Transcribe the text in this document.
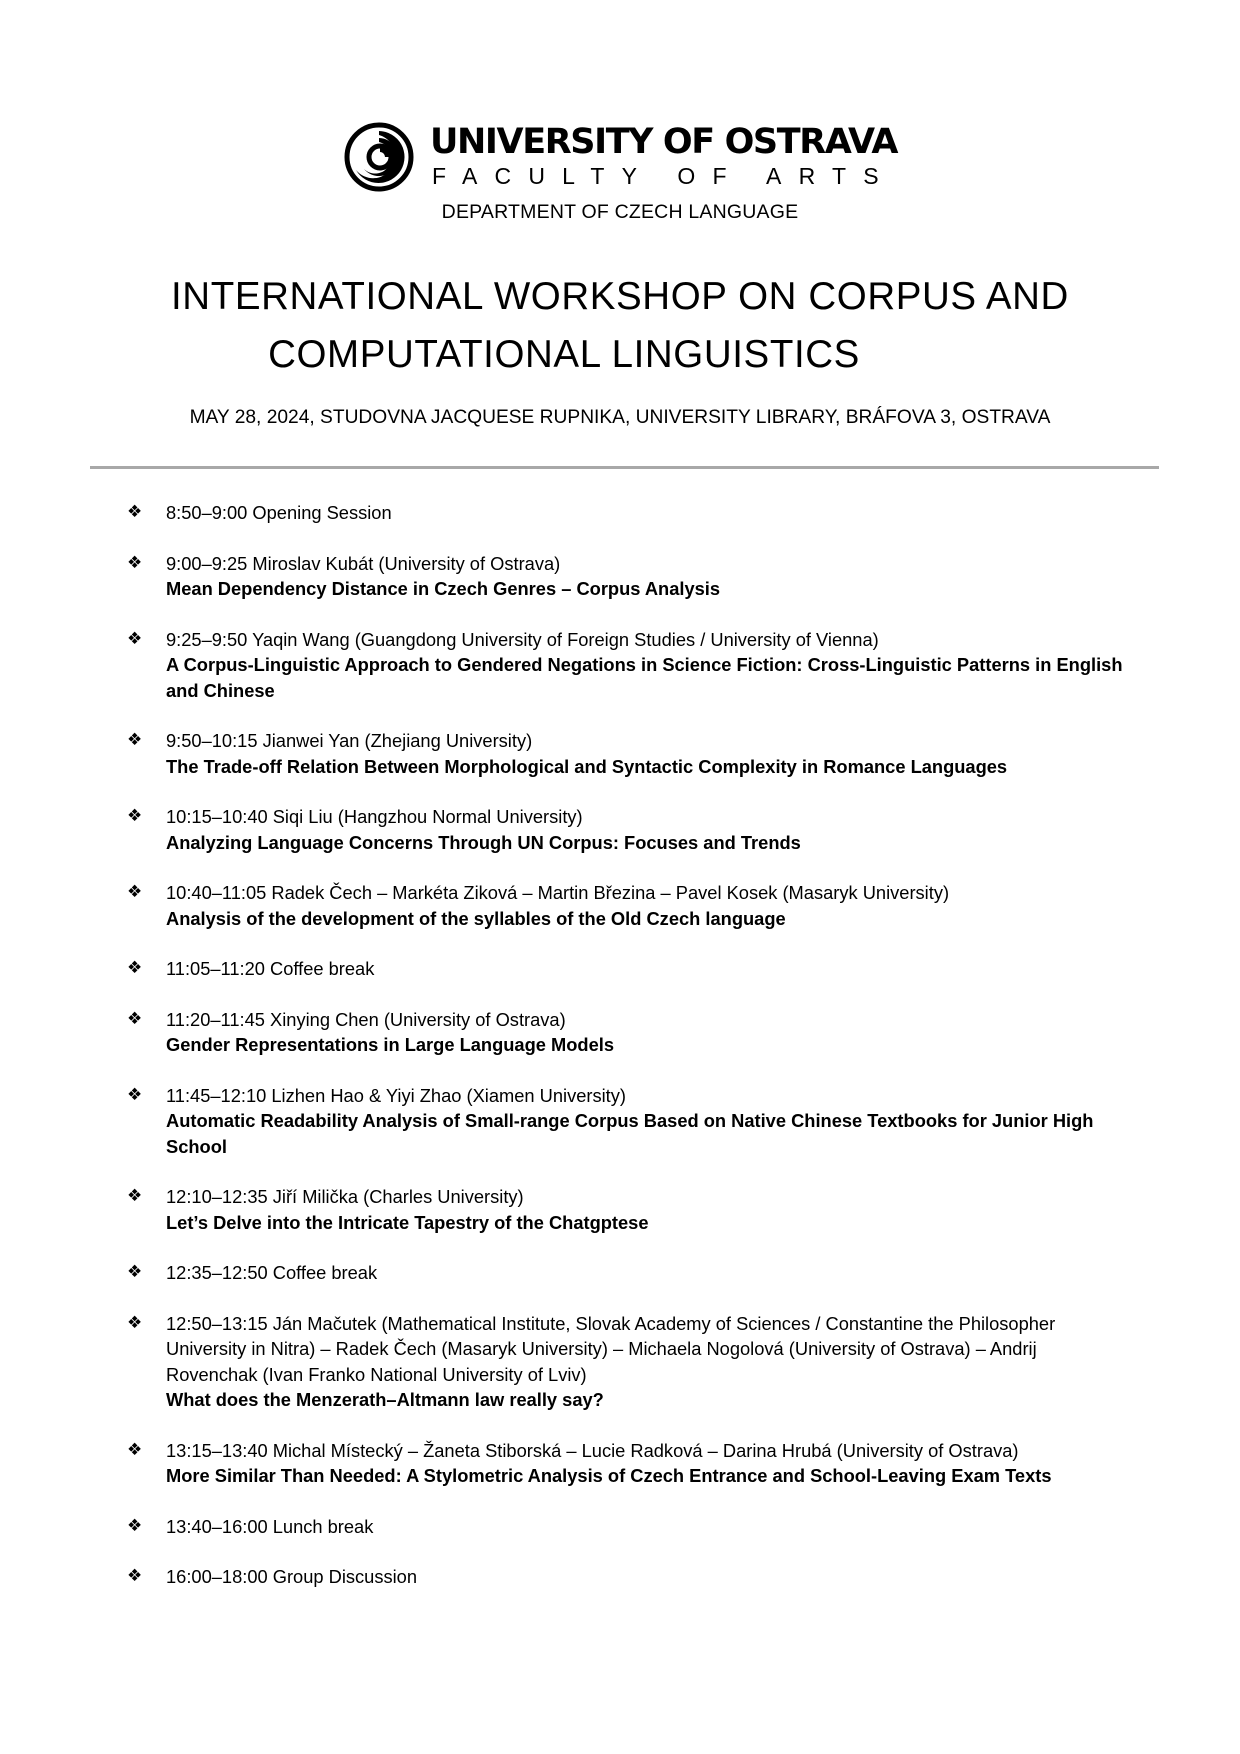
UNIVERSITY OF OSTRAVA
FACULTY OF ARTS
DEPARTMENT OF CZECH LANGUAGE
INTERNATIONAL WORKSHOP ON CORPUS AND
COMPUTATIONAL LINGUISTICS
MAY 28, 2024, STUDOVNA JACQUESE RUPNIKA, UNIVERSITY LIBRARY, BRÁFOVA 3, OSTRAVA
❖ 8:50–9:00 Opening Session
❖ 9:00–9:25 Miroslav Kubát (University of Ostrava)
Mean Dependency Distance in Czech Genres – Corpus Analysis
❖ 9:25–9:50 Yaqin Wang (Guangdong University of Foreign Studies / University of Vienna)
A Corpus-Linguistic Approach to Gendered Negations in Science Fiction: Cross-Linguistic Patterns in English and Chinese
❖ 9:50–10:15 Jianwei Yan (Zhejiang University)
The Trade-off Relation Between Morphological and Syntactic Complexity in Romance Languages
❖ 10:15–10:40 Siqi Liu (Hangzhou Normal University)
Analyzing Language Concerns Through UN Corpus: Focuses and Trends
❖ 10:40–11:05 Radek Čech – Markéta Ziková – Martin Březina – Pavel Kosek (Masaryk University)
Analysis of the development of the syllables of the Old Czech language
❖ 11:05–11:20 Coffee break
❖ 11:20–11:45 Xinying Chen (University of Ostrava)
Gender Representations in Large Language Models
❖ 11:45–12:10 Lizhen Hao & Yiyi Zhao (Xiamen University)
Automatic Readability Analysis of Small-range Corpus Based on Native Chinese Textbooks for Junior High School
❖ 12:10–12:35 Jiří Milička (Charles University)
Let’s Delve into the Intricate Tapestry of the Chatgptese
❖ 12:35–12:50 Coffee break
❖ 12:50–13:15 Ján Mačutek (Mathematical Institute, Slovak Academy of Sciences / Constantine the Philosopher University in Nitra) – Radek Čech (Masaryk University) – Michaela Nogolová (University of Ostrava) – Andrij Rovenchak (Ivan Franko National University of Lviv)
What does the Menzerath–Altmann law really say?
❖ 13:15–13:40 Michal Místecký – Žaneta Stiborská – Lucie Radková – Darina Hrubá (University of Ostrava)
More Similar Than Needed: A Stylometric Analysis of Czech Entrance and School-Leaving Exam Texts
❖ 13:40–16:00 Lunch break
❖ 16:00–18:00 Group Discussion
